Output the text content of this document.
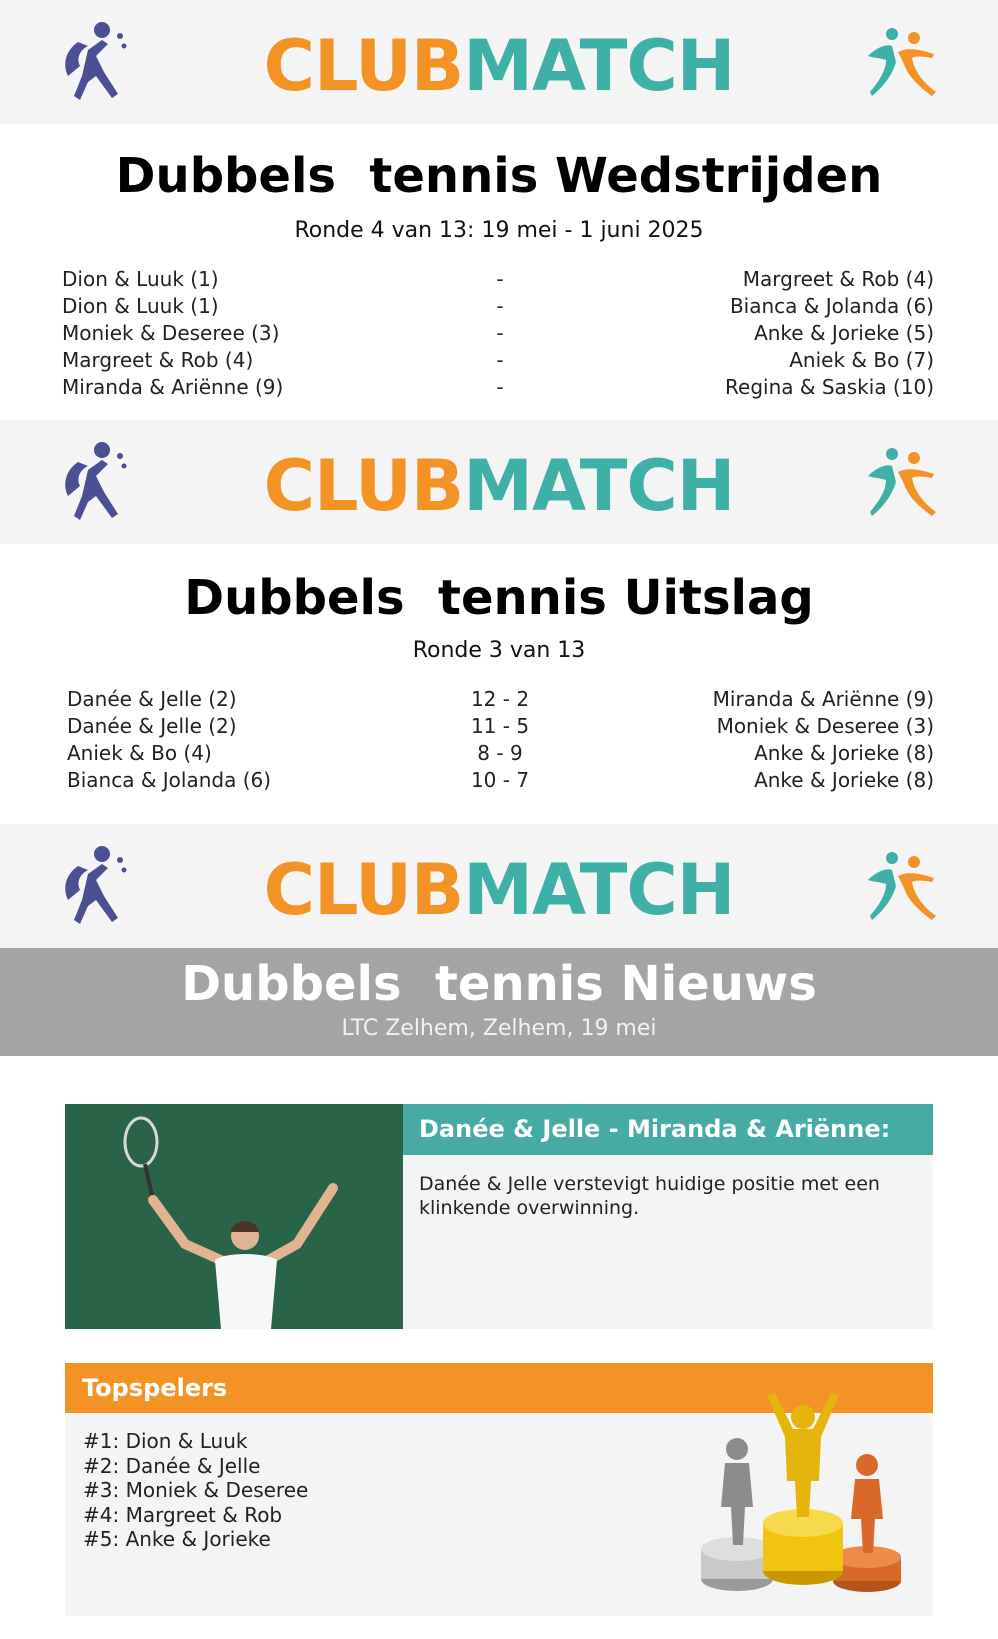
CLUBMATCH
Dubbels  tennis Wedstrijden
Ronde 4 van 13: 19 mei - 1 juni 2025
Dion & Luuk (1)	-	Margreet & Rob (4)
Dion & Luuk (1)	-	Bianca & Jolanda (6)
Moniek & Deseree (3)	-	Anke & Jorieke (5)
Margreet & Rob (4)	-	Aniek & Bo (7)
Miranda & Ariënne (9)	-	Regina & Saskia (10)
CLUBMATCH
Dubbels  tennis Uitslag
Ronde 3 van 13
Danée & Jelle (2)	12 - 2	Miranda & Ariënne (9)
Danée & Jelle (2)	11 - 5	Moniek & Deseree (3)
Aniek & Bo (4)	8 - 9	Anke & Jorieke (8)
Bianca & Jolanda (6)	10 - 7	Anke & Jorieke (8)
CLUBMATCH
Dubbels  tennis Nieuws
LTC Zelhem, Zelhem, 19 mei
Danée & Jelle - Miranda & Ariënne:
Danée & Jelle verstevigt huidige positie met een klinkende overwinning.
Topspelers
#1: Dion & Luuk
#2: Danée & Jelle
#3: Moniek & Deseree
#4: Margreet & Rob
#5: Anke & Jorieke
